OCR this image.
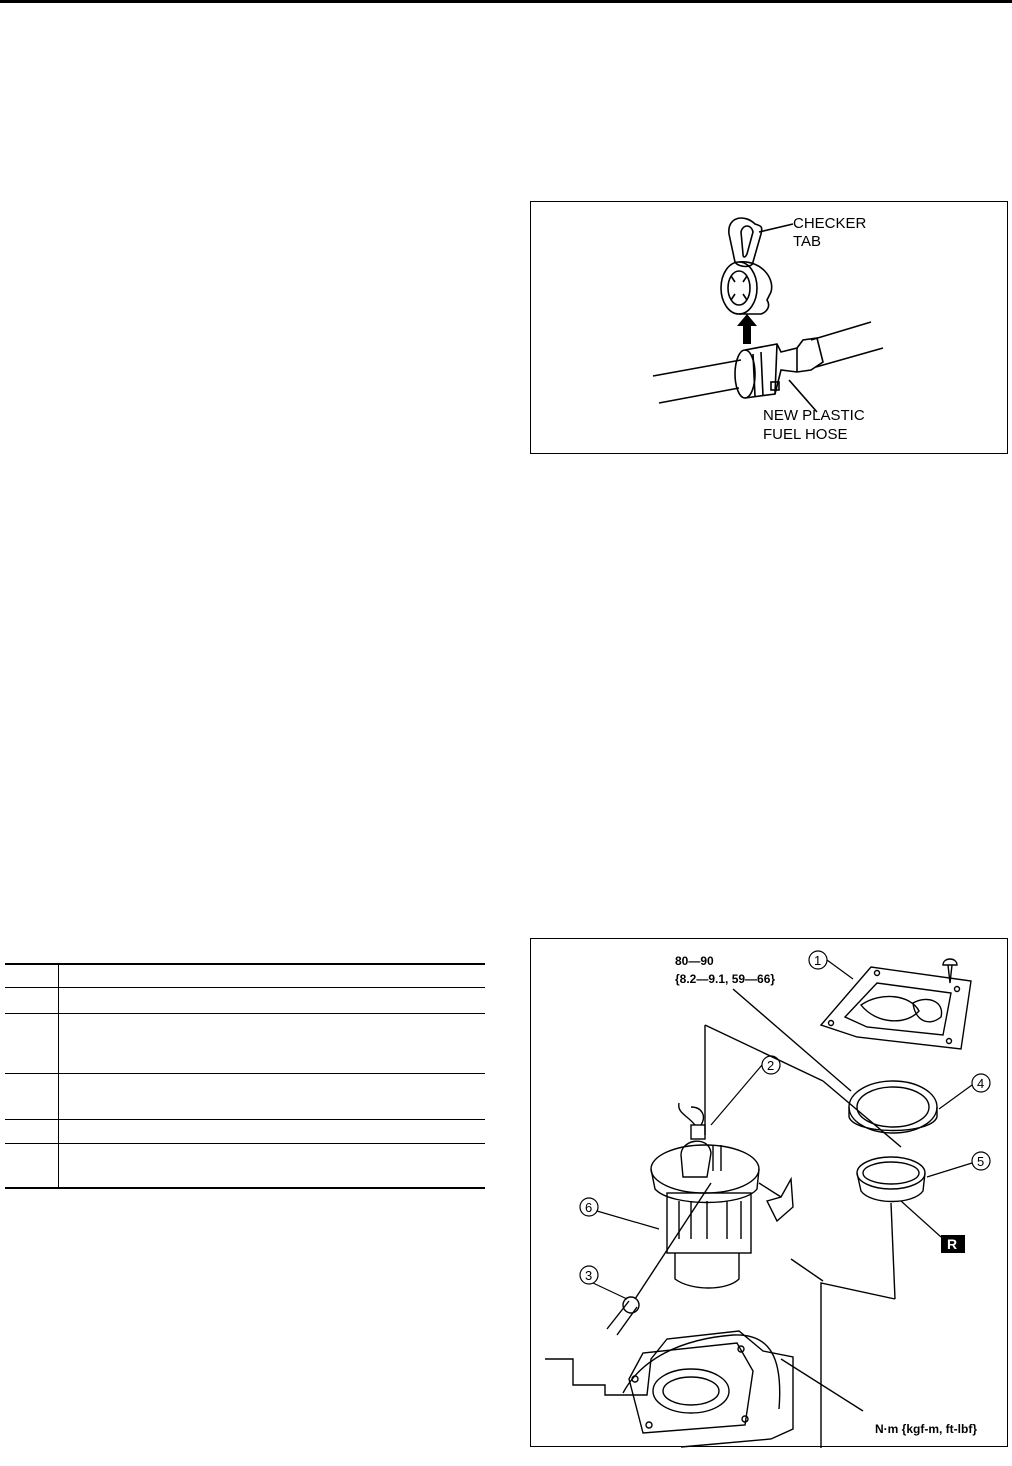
CHECKER
TAB
NEW PLASTIC
FUEL HOSE

1
2
3
4
5
6
R
80—90
{8.2—9.1, 59—66}
N·m {kgf-m, ft-lbf}
